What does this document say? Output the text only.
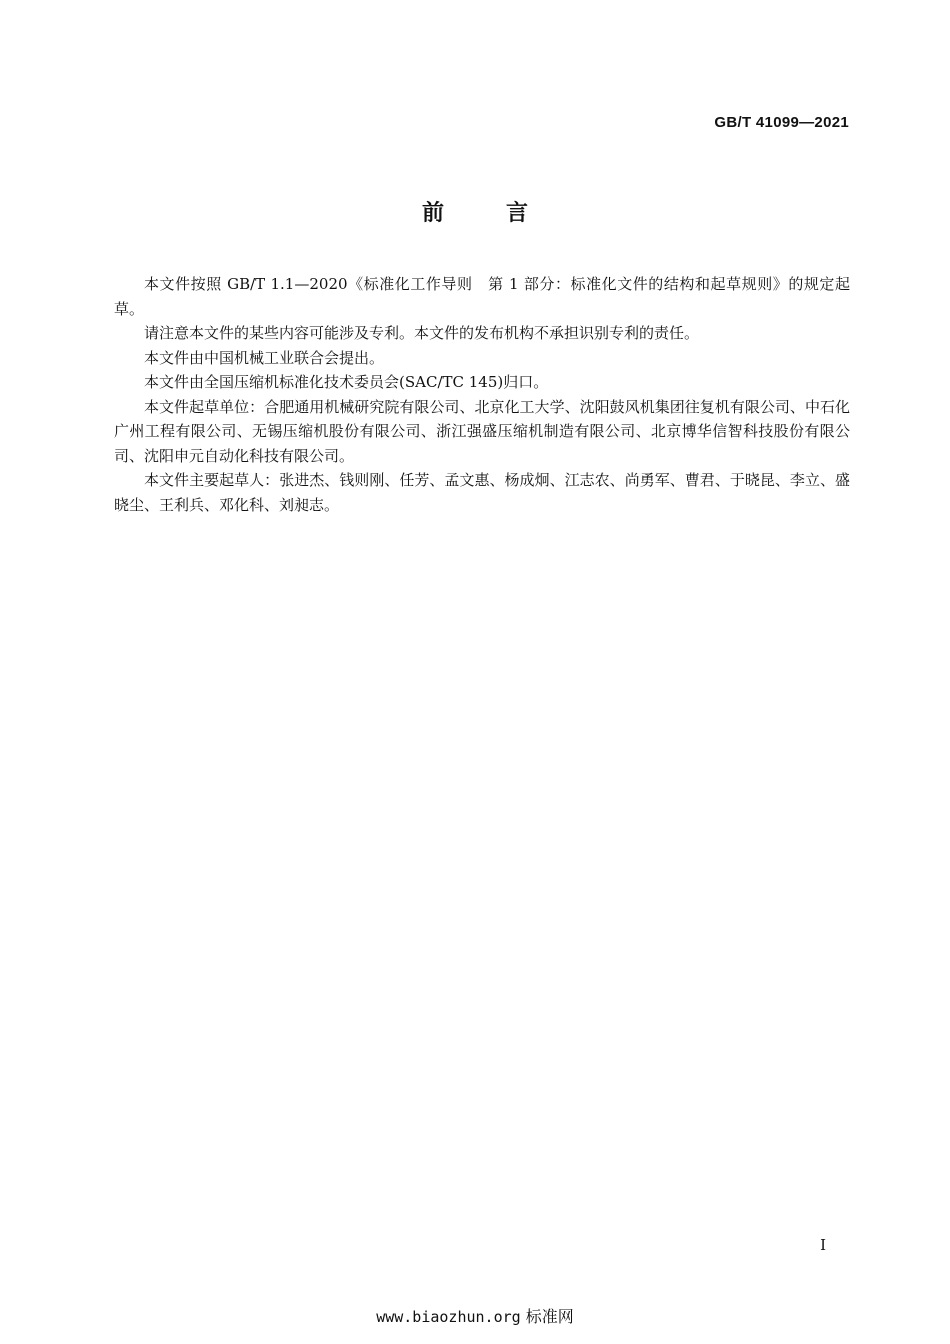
GB/T 41099—2021
前	言

本文件按照 GB/T 1.1—2020《标准化工作导则　第 1 部分：标准化文件的结构和起草规则》的规定起草。

请注意本文件的某些内容可能涉及专利。本文件的发布机构不承担识别专利的责任。

本文件由中国机械工业联合会提出。

本文件由全国压缩机标准化技术委员会(SAC/TC 145)归口。

本文件起草单位：合肥通用机械研究院有限公司、北京化工大学、沈阳鼓风机集团往复机有限公司、中石化广州工程有限公司、无锡压缩机股份有限公司、浙江强盛压缩机制造有限公司、北京博华信智科技股份有限公司、沈阳申元自动化科技有限公司。

本文件主要起草人：张进杰、钱则刚、任芳、孟文惠、杨成炯、江志农、尚勇军、曹君、于晓昆、李立、盛晓尘、王利兵、邓化科、刘昶志。

I
www.biaozhun.org 标准网
